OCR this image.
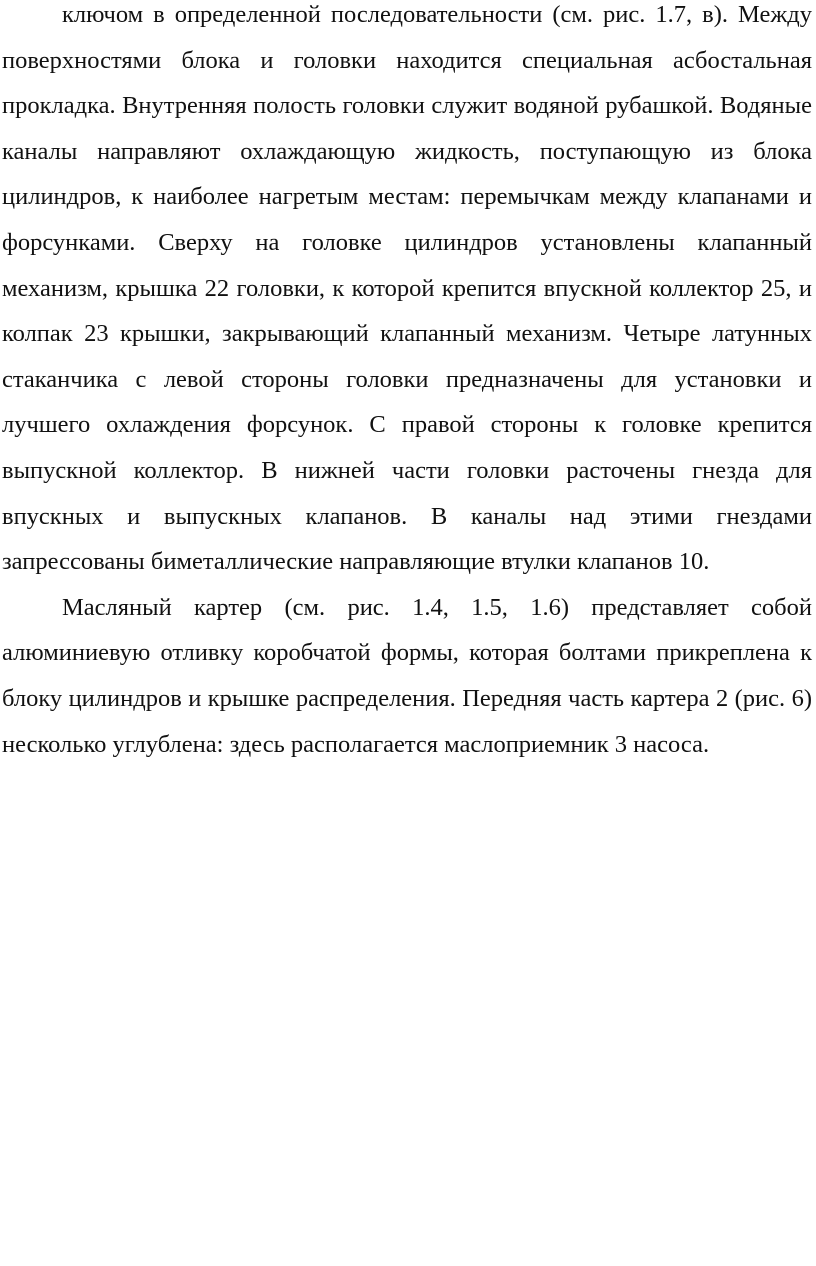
ключом в определенной последовательности (см. рис. 1.7, в). Между поверхностями блока и головки находится специальная асбостальная прокладка. Внутренняя полость головки служит водяной рубашкой. Водяные каналы направляют охлаждающую жидкость, поступающую из блока цилиндров, к наиболее нагретым местам: перемычкам между клапанами и форсунками. Сверху на головке цилиндров установлены клапанный механизм, крышка 22 головки, к которой крепится впускной коллектор 25, и колпак 23 крышки, закрывающий клапанный механизм. Четыре латунных стаканчика с левой стороны головки предназначены для установки и лучшего охлаждения форсунок. С правой стороны к головке крепится выпускной коллектор. В нижней части головки расточены гнезда для впускных и выпускных клапанов. В каналы над этими гнездами запрессованы биметаллические направляющие втулки клапанов 10.

Масляный картер (см. рис. 1.4, 1.5, 1.6) представляет собой алюминиевую отливку коробчатой формы, которая болтами прикреплена к блоку цилиндров и крышке распределения. Передняя часть картера 2 (рис. 6) несколько углублена: здесь располагается маслоприемник 3 насоса.
